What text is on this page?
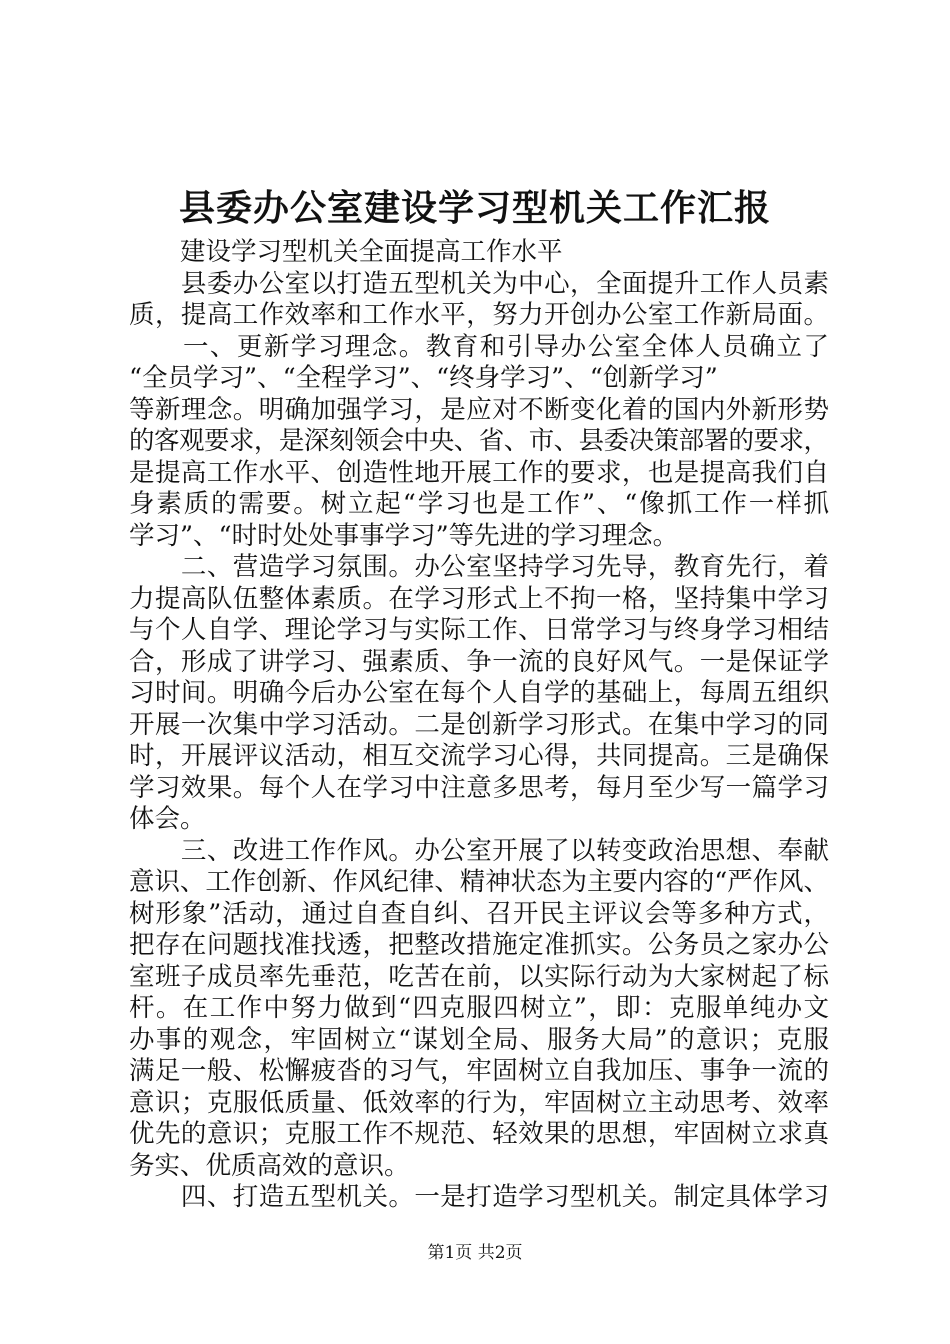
县委办公室建设学习型机关工作汇报
　　建设学习型机关全面提高工作水平
　　县委办公室以打造五型机关为中心，全面提升工作人员素
质，提高工作效率和工作水平，努力开创办公室工作新局面。
　　一、更新学习理念。教育和引导办公室全体人员确立了
“全员学习”、“全程学习”、“终身学习”、“创新学习”
等新理念。明确加强学习，是应对不断变化着的国内外新形势
的客观要求，是深刻领会中央、省、市、县委决策部署的要求，
是提高工作水平、创造性地开展工作的要求，也是提高我们自
身素质的需要。树立起“学习也是工作”、“像抓工作一样抓
学习”、“时时处处事事学习”等先进的学习理念。
　　二、营造学习氛围。办公室坚持学习先导，教育先行，着
力提高队伍整体素质。在学习形式上不拘一格，坚持集中学习
与个人自学、理论学习与实际工作、日常学习与终身学习相结
合，形成了讲学习、强素质、争一流的良好风气。一是保证学
习时间。明确今后办公室在每个人自学的基础上，每周五组织
开展一次集中学习活动。二是创新学习形式。在集中学习的同
时，开展评议活动，相互交流学习心得，共同提高。三是确保
学习效果。每个人在学习中注意多思考，每月至少写一篇学习
体会。
　　三、改进工作作风。办公室开展了以转变政治思想、奉献
意识、工作创新、作风纪律、精神状态为主要内容的“严作风、
树形象”活动，通过自查自纠、召开民主评议会等多种方式，
把存在问题找准找透，把整改措施定准抓实。公务员之家办公
室班子成员率先垂范，吃苦在前，以实际行动为大家树起了标
杆。在工作中努力做到“四克服四树立”，即：克服单纯办文
办事的观念，牢固树立“谋划全局、服务大局”的意识；克服
满足一般、松懈疲沓的习气，牢固树立自我加压、事争一流的
意识；克服低质量、低效率的行为，牢固树立主动思考、效率
优先的意识；克服工作不规范、轻效果的思想，牢固树立求真
务实、优质高效的意识。
　　四、打造五型机关。一是打造学习型机关。制定具体学习
第1页 共2页
